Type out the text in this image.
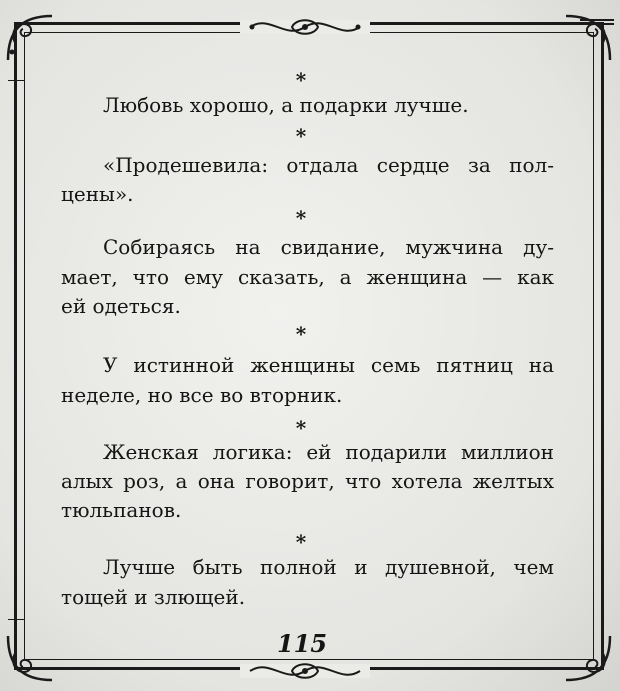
*
*
*
*
*
*
Любовь хорошо, а подарки лучше.
«Продешевила: отдала сердце за пол-
цены».
Собираясь на свидание, мужчина ду-
мает, что ему сказать, а женщина — как
ей одеться.
У истинной женщины семь пятниц на
неделе, но все во вторник.
Женская логика: ей подарили миллион
алых роз, а она говорит, что хотела желтых
тюльпанов.
Лучше быть полной и душевной, чем
тощей и злющей.
115
